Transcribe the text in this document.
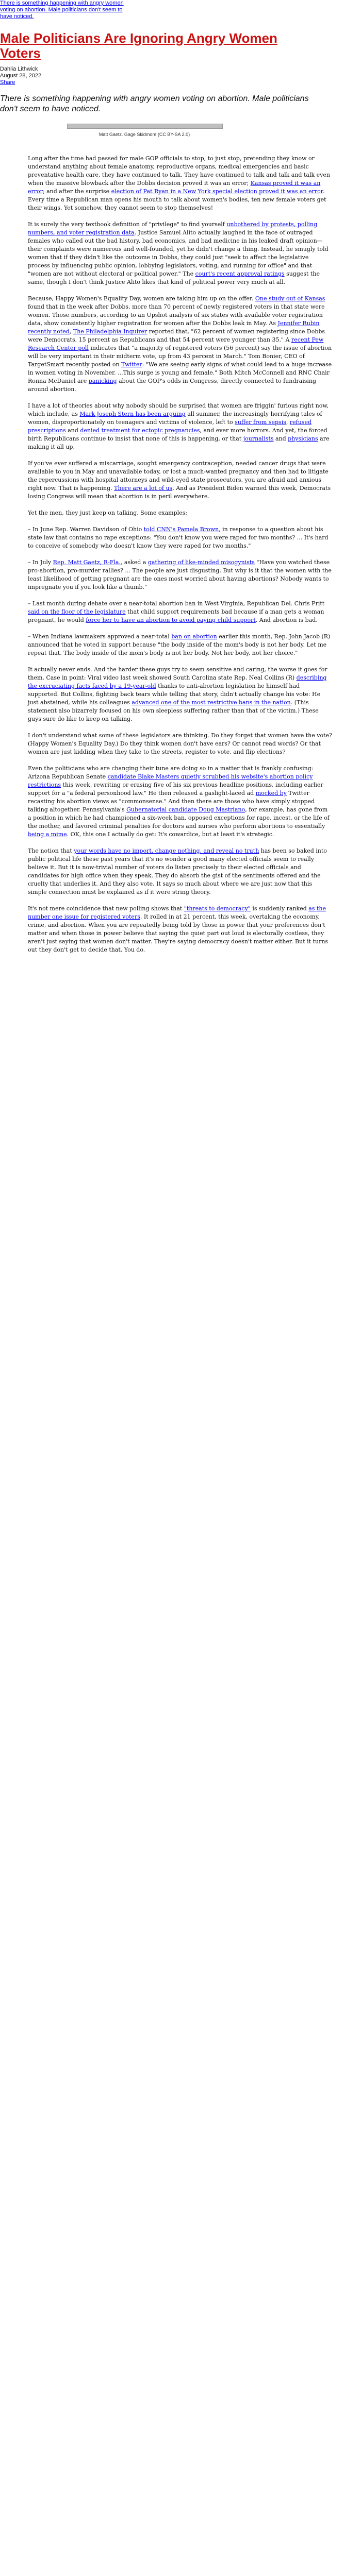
There is something happening with angry women voting on abortion. Male politicians don't seem to have noticed.
Male Politicians Are Ignoring Angry Women Voters
Dahlia Lithwick
August 28, 2022
Share

There is something happening with angry women voting on abortion. Male politicians don't seem to have noticed.

Matt Gaetz. Gage Skidmore (CC BY-SA 2.0)

Long after the time had passed for male GOP officials to stop, to just stop, pretending they know or understand anything about female anatomy, reproductive organs, medical emergencies and basic preventative health care, they have continued to talk. They have continued to talk and talk and talk even when the massive blowback after the Dobbs decision proved it was an error; Kansas proved it was an error; and after the surprise election of Pat Ryan in a New York special election proved it was an error. Every time a Republican man opens his mouth to talk about women's bodies, ten new female voters get their wings. Yet somehow, they cannot seem to stop themselves!

It is surely the very textbook definition of "privilege" to find yourself unbothered by protests, polling numbers, and voter registration data. Justice Samuel Alito actually laughed in the face of outraged females who called out the bad history, bad economics, and bad medicine in his leaked draft opinion—their complaints were numerous and well-founded, yet he didn't change a thing. Instead, he smugly told women that if they didn't like the outcome in Dobbs, they could just "seek to affect the legislative process by influencing public opinion, lobbying legislators, voting, and running for office" and that "women are not without electoral or political power." The court's recent approval ratings suggest the same, though I don't think Justice Alito likes that kind of political power very much at all.

Because, Happy Women's Equality Day, women are taking him up on the offer. One study out of Kansas found that in the week after Dobbs, more than 70 percent of newly registered voters in that state were women. Those numbers, according to an Upshot analysis of six states with available voter registration data, show consistently higher registration for women after the Dobbs leak in May. As Jennifer Rubin recently noted, The Philadelphia Inquirer reported that, "62 percent of women registering since Dobbs were Democrats, 15 percent as Republicans and that 54 percent were younger than 35." A recent Pew Research Center poll indicates that "a majority of registered voters (56 percent) say the issue of abortion will be very important in their midterm vote, up from 43 percent in March." Tom Bonier, CEO of TargetSmart recently posted on Twitter: "We are seeing early signs of what could lead to a huge increase in women voting in November. ...This surge is young and female." Both Mitch McConnell and RNC Chair Ronna McDaniel are panicking about the GOP's odds in Congress, directly connected to fundraising around abortion.

I have a lot of theories about why nobody should be surprised that women are friggin' furious right now, which include, as Mark Joseph Stern has been arguing all summer, the increasingly horrifying tales of women, disproportionately on teenagers and victims of violence, left to suffer from sepsis, refused prescriptions and denied treatment for ectopic pregnancies, and ever more horrors. And yet, the forced birth Republicans continue to insist that none of this is happening, or that journalists and physicians are making it all up.

If you've ever suffered a miscarriage, sought emergency contraception, needed cancer drugs that were available to you in May and unavailable today, or lost a much-wanted pregnancy and then had to litigate the repercussions with hospital attorneys and wild-eyed state prosecutors, you are afraid and anxious right now. That is happening. There are a lot of us. And as President Biden warned this week, Democrats losing Congress will mean that abortion is in peril everywhere.

Yet the men, they just keep on talking. Some examples:

– In June Rep. Warren Davidson of Ohio told CNN's Pamela Brown, in response to a question about his state law that contains no rape exceptions: "You don't know you were raped for two months? ... It's hard to conceive of somebody who doesn't know they were raped for two months."

– In July Rep. Matt Gaetz, R-Fla., asked a gathering of like-minded misogynists "Have you watched these pro-abortion, pro-murder rallies? ... The people are just disgusting. But why is it that the women with the least likelihood of getting pregnant are the ones most worried about having abortions? Nobody wants to impregnate you if you look like a thumb."

– Last month during debate over a near-total abortion ban in West Virginia, Republican Del. Chris Pritt said on the floor of the legislature that child support requirements bad because if a man gets a woman pregnant, he would force her to have an abortion to avoid paying child support. And abortion is bad.

– When Indiana lawmakers approved a near-total ban on abortion earlier this month, Rep. John Jacob (R) announced that he voted in support because "the body inside of the mom's body is not her body. Let me repeat that. The body inside of the mom's body is not her body. Not her body, not her choice."

It actually never ends. And the harder these guys try to seem sensitive and caring, the worse it goes for them. Case in point: Viral video last week showed South Carolina state Rep. Neal Collins (R) describing the excruciating facts faced by a 19-year-old thanks to anti-abortion legislation he himself had supported. But Collins, fighting back tears while telling that story, didn't actually change his vote: He just abstained, while his colleagues advanced one of the most restrictive bans in the nation. (This statement also bizarrely focused on his own sleepless suffering rather than that of the victim.) These guys sure do like to keep on talking.

I don't understand what some of these legislators are thinking. Do they forget that women have the vote? (Happy Women's Equality Day.) Do they think women don't have ears? Or cannot read words? Or that women are just kidding when they take to the streets, register to vote, and flip elections?

Even the politicians who are changing their tune are doing so in a matter that is frankly confusing: Arizona Republican Senate candidate Blake Masters quietly scrubbed his website's abortion policy restrictions this week, rewriting or erasing five of his six previous headline positions, including earlier support for a "a federal personhood law." He then released a gaslight-laced ad mocked by Twitter recasting his abortion views as "commonsense." And then there are those who have simply stopped talking altogether. Pennsylvania's Gubernatorial candidate Doug Mastriano, for example, has gone from a position in which he had championed a six-week ban, opposed exceptions for rape, incest, or the life of the mother, and favored criminal penalties for doctors and nurses who perform abortions to essentially being a mime. OK, this one I actually do get: It's cowardice, but at least it's strategic.

The notion that your words have no import, change nothing, and reveal no truth has been so baked into public political life these past years that it's no wonder a good many elected officials seem to really believe it. But it is now-trivial number of voters do listen precisely to their elected officials and candidates for high office when they speak. They do absorb the gist of the sentiments offered and the cruelty that underlies it. And they also vote. It says so much about where we are just now that this simple connection must be explained as if it were string theory.

It's not mere coincidence that new polling shows that "threats to democracy" is suddenly ranked as the number one issue for registered voters. It rolled in at 21 percent, this week, overtaking the economy, crime, and abortion. When you are repeatedly being told by those in power that your preferences don't matter and when those in power believe that saying the quiet part out loud is electorally costless, they aren't just saying that women don't matter. They're saying democracy doesn't matter either. But it turns out they don't get to decide that. You do.
